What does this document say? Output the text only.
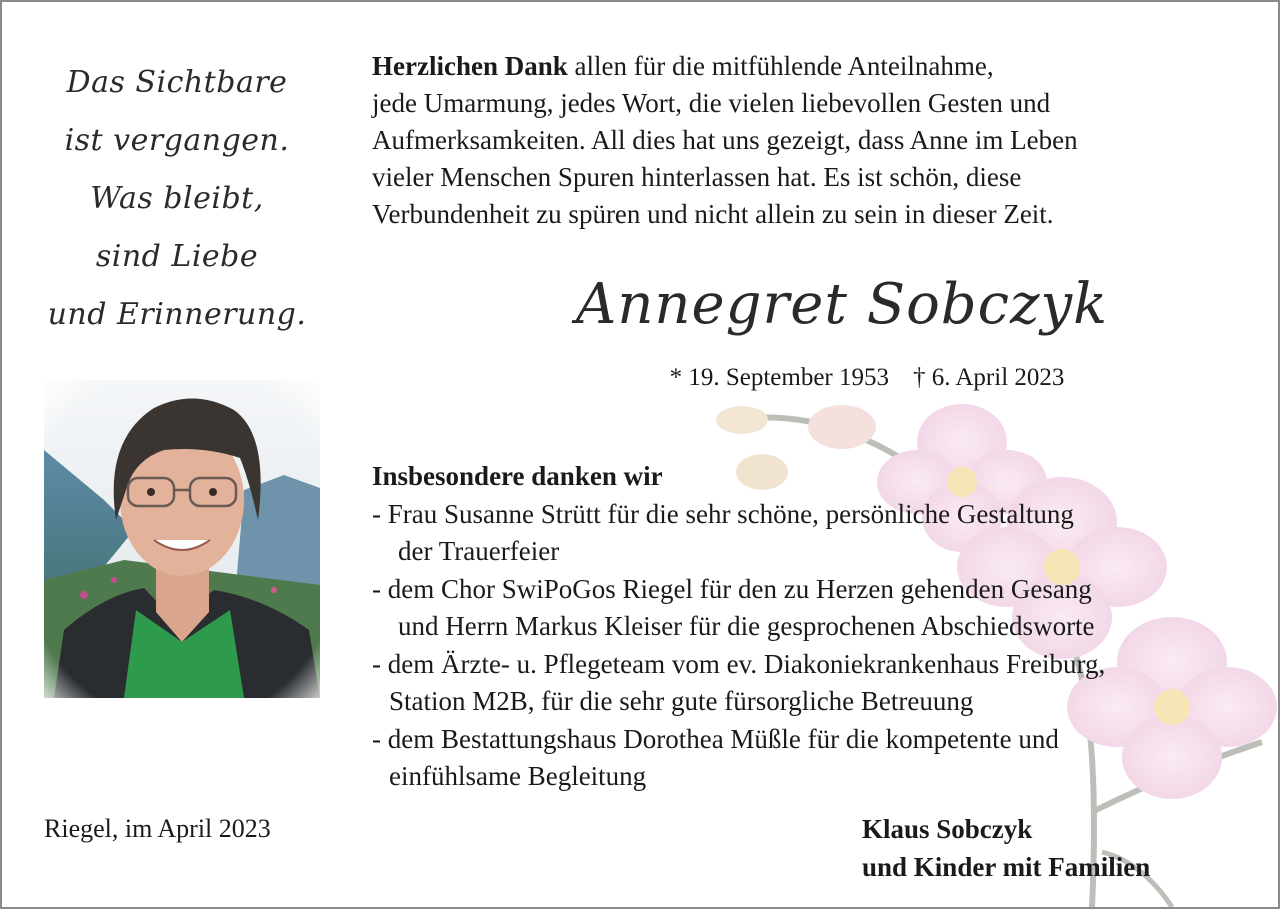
Das Sichtbare
ist vergangen.
Was bleibt,
sind Liebe
und Erinnerung.
Herzlichen Dank allen für die mitfühlende Anteilnahme,
jede Umarmung, jedes Wort, die vielen liebevollen Gesten und
Aufmerksamkeiten. All dies hat uns gezeigt, dass Anne im Leben
vieler Menschen Spuren hinterlassen hat. Es ist schön, diese
Verbundenheit zu spüren und nicht allein zu sein in dieser Zeit.
Annegret Sobczyk
* 19. September 1953 † 6. April 2023
Insbesondere danken wir
- Frau Susanne Strütt für die sehr schöne, persönliche Gestaltung
der Trauerfeier
- dem Chor SwiPoGos Riegel für den zu Herzen gehenden Gesang
und Herrn Markus Kleiser für die gesprochenen Abschiedsworte
- dem Ärzte- u. Pflegeteam vom ev. Diakoniekrankenhaus Freiburg,
Station M2B, für die sehr gute fürsorgliche Betreuung
- dem Bestattungshaus Dorothea Müßle für die kompetente und
einfühlsame Begleitung
Riegel, im April 2023	Klaus Sobczyk
und Kinder mit Familien
